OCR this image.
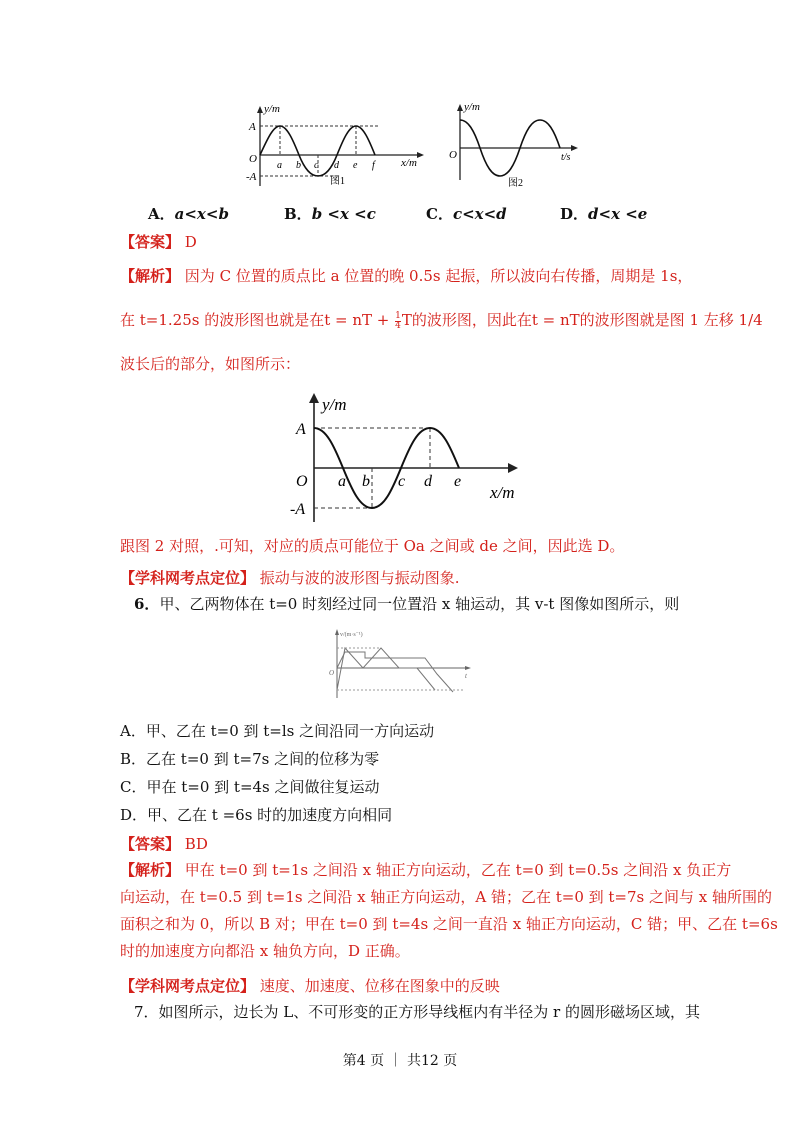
y/m
A
-A
O
a b c d e f x/m
图1
y/m
O	t/s
图2
A．a<x<b	B．b <x <c	C．c<x<d	D．d<x <e
【答案】 D
【解析】 因为 C 位置的质点比 a 位置的晚 0.5s 起振，所以波向右传播，周期是 1s，
在 t=1.25s 的波形图也就是在t = nT + $\frac{1}{4}$ T的波形图，因此在t = nT的波形图就是图 1 左移 1/4
波长后的部分，如图所示：
y/m
A
-A
O a b c d e
x/m
跟图 2 对照，.可知，对应的质点可能位于 Oa 之间或 de 之间，因此选 D。
【学科网考点定位】 振动与波的波形图与振动图象.
6．甲、乙两物体在 t=0 时刻经过同一位置沿 x 轴运动，其 v-t 图像如图所示，则
v/(m·s⁻¹)
O	t
A．甲、乙在 t=0 到 t=ls 之间沿同一方向运动
B．乙在 t=0 到 t=7s 之间的位移为零
C．甲在 t=0 到 t=4s 之间做往复运动
D．甲、乙在 t =6s 时的加速度方向相同
【答案】 BD
【解析】 甲在 t=0 到 t=1s 之间沿 x 轴正方向运动，乙在 t=0 到 t=0.5s 之间沿 x 负正方
向运动，在 t=0.5 到 t=1s 之间沿 x 轴正方向运动，A 错；乙在 t=0 到 t=7s 之间与 x 轴所围的
面积之和为 0，所以 B 对；甲在 t=0 到 t=4s 之间一直沿 x 轴正方向运动，C 错；甲、乙在 t=6s
时的加速度方向都沿 x 轴负方向，D 正确。
【学科网考点定位】 速度、加速度、位移在图象中的反映
7．如图所示，边长为 L、不可形变的正方形导线框内有半径为 r 的圆形磁场区域，其
第4 页 ｜ 共12 页
